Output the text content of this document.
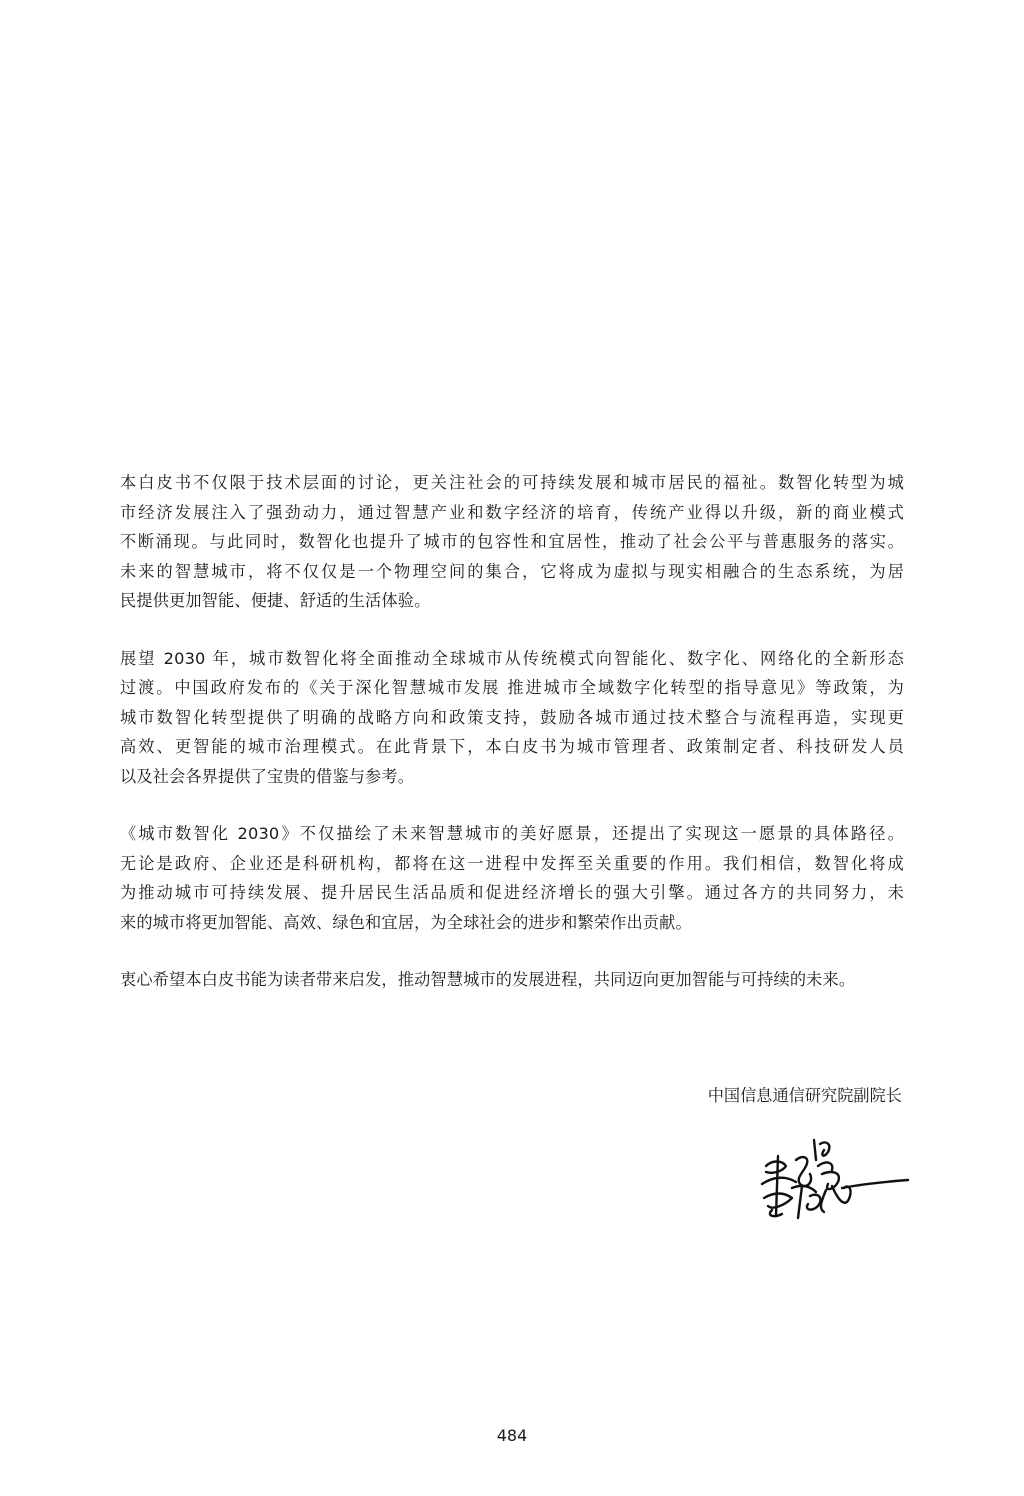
本白皮书不仅限于技术层面的讨论，更关注社会的可持续发展和城市居民的福祉。数智化转型为城
市经济发展注入了强劲动力，通过智慧产业和数字经济的培育，传统产业得以升级，新的商业模式
不断涌现。与此同时，数智化也提升了城市的包容性和宜居性，推动了社会公平与普惠服务的落实。
未来的智慧城市，将不仅仅是一个物理空间的集合，它将成为虚拟与现实相融合的生态系统，为居
民提供更加智能、便捷、舒适的生活体验。
展望 2030 年，城市数智化将全面推动全球城市从传统模式向智能化、数字化、网络化的全新形态
过渡。中国政府发布的《关于深化智慧城市发展 推进城市全域数字化转型的指导意见》等政策，为
城市数智化转型提供了明确的战略方向和政策支持，鼓励各城市通过技术整合与流程再造，实现更
高效、更智能的城市治理模式。在此背景下，本白皮书为城市管理者、政策制定者、科技研发人员
以及社会各界提供了宝贵的借鉴与参考。
《城市数智化 2030》不仅描绘了未来智慧城市的美好愿景，还提出了实现这一愿景的具体路径。
无论是政府、企业还是科研机构，都将在这一进程中发挥至关重要的作用。我们相信，数智化将成
为推动城市可持续发展、提升居民生活品质和促进经济增长的强大引擎。通过各方的共同努力，未
来的城市将更加智能、高效、绿色和宜居，为全球社会的进步和繁荣作出贡献。
衷心希望本白皮书能为读者带来启发，推动智慧城市的发展进程，共同迈向更加智能与可持续的未来。
中国信息通信研究院副院长
484
